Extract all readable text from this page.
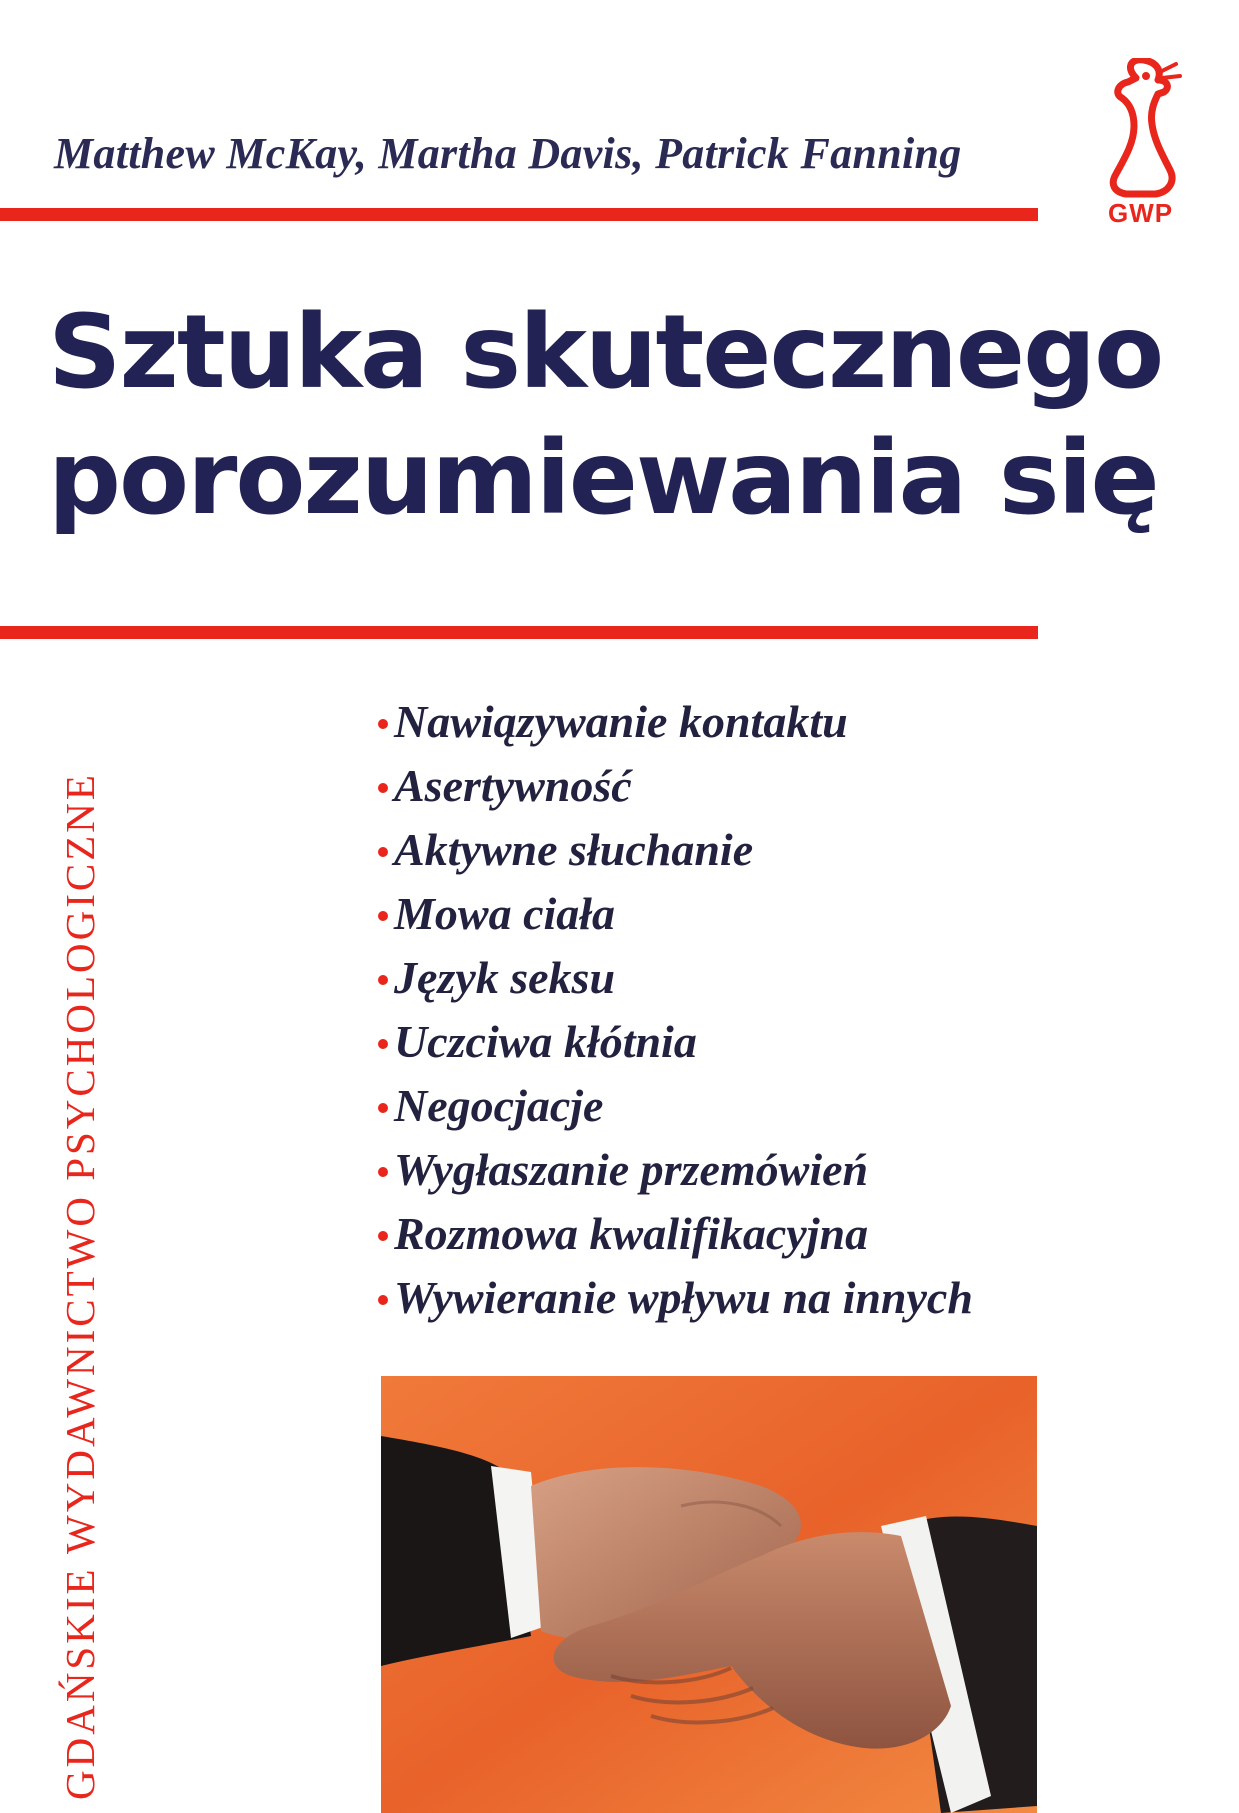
Matthew McKay, Martha Davis, Patrick Fanning
GWP
Sztuka skutecznego
porozumiewania się
GDAŃSKIE WYDAWNICTWO PSYCHOLOGICZNE
Nawiązywanie kontaktu
Asertywność
Aktywne słuchanie
Mowa ciała
Język seksu
Uczciwa kłótnia
Negocjacje
Wygłaszanie przemówień
Rozmowa kwalifikacyjna
Wywieranie wpływu na innych
